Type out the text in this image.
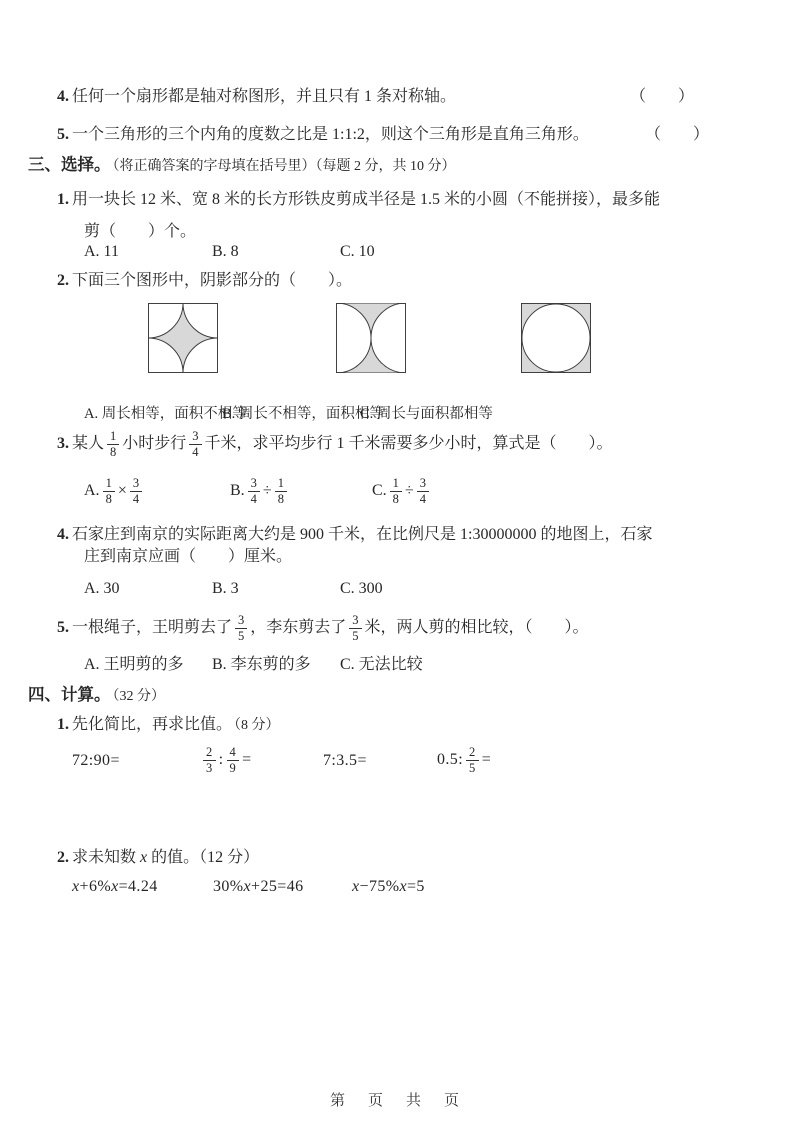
4. 任何一个扇形都是轴对称图形，并且只有 1 条对称轴。	（　　）
5. 一个三角形的三个内角的度数之比是 1:1:2，则这个三角形是直角三角形。	（　　）
三、选择。 （将正确答案的字母填在括号里）（每题 2 分，共 10 分）
1. 用一块长 12 米、宽 8 米的长方形铁皮剪成半径是 1.5 米的小圆（不能拼接），最多能
剪（　　）个。
A. 11	B. 8	C. 10
2. 下面三个图形中，阴影部分的（　　）。
A. 周长相等，面积不相等
B. 周长不相等，面积相等
C. 周长与面积都相等
3. 某人 $\frac{1}{8}$ 小时步行 $\frac{3}{4}$ 千米，求平均步行 1 千米需要多少小时，算式是（　　）。
A. $\frac{1}{8} \times \frac{3}{4}$	B. $\frac{3}{4} \div \frac{1}{8}$	C. $\frac{1}{8} \div \frac{3}{4}$
4. 石家庄到南京的实际距离大约是 900 千米，在比例尺是 1:30000000 的地图上，石家
庄到南京应画（　　）厘米。
A. 30	B. 3	C. 300
5. 一根绳子，王明剪去了 $\frac{3}{5}$ ，李东剪去了 $\frac{3}{5}$ 米，两人剪的相比较，（　　）。
A. 王明剪的多 B. 李东剪的多 C. 无法比较
四、计算。 （32 分）
1. 先化简比，再求比值。 （8 分）
72:90=	$\frac{2}{3}$ : $\frac{4}{9}$ =	7:3.5=	0.5: $\frac{2}{5}$ =
2. 求未知数 x 的值。（12 分）
x+6%x=4.24	30%x+25=46	x−75%x=5
第　页　共　页
